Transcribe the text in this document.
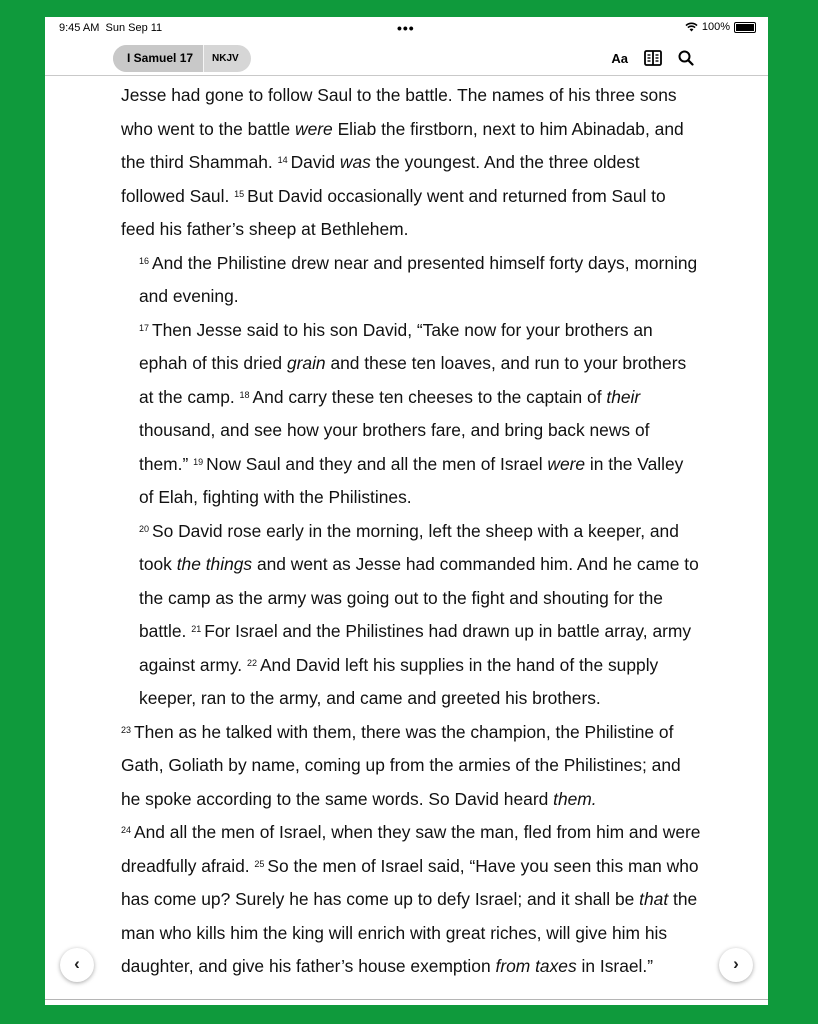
9:45 AM Sun Sep 11	•••	100%
I Samuel 17	NKJV	Aa

Jesse had gone to follow Saul to the battle. The names of his three sons who went to the battle were Eliab the firstborn, next to him Abinadab, and the third Shammah. $^{14}$ David was the youngest. And the three oldest followed Saul. $^{15}$ But David occasionally went and returned from Saul to feed his father’s sheep at Bethlehem.

$^{16}$ And the Philistine drew near and presented himself forty days, morning and evening.

$^{17}$ Then Jesse said to his son David, “Take now for your brothers an ephah of this dried grain and these ten loaves, and run to your brothers at the camp. $^{18}$ And carry these ten cheeses to the captain of their thousand, and see how your brothers fare, and bring back news of them.” $^{19}$ Now Saul and they and all the men of Israel were in the Valley of Elah, fighting with the Philistines.

$^{20}$ So David rose early in the morning, left the sheep with a keeper, and took the things and went as Jesse had commanded him. And he came to the camp as the army was going out to the fight and shouting for the battle. $^{21}$ For Israel and the Philistines had drawn up in battle array, army against army. $^{22}$ And David left his supplies in the hand of the supply keeper, ran to the army, and came and greeted his brothers.

$^{23}$ Then as he talked with them, there was the champion, the Philistine of Gath, Goliath by name, coming up from the armies of the Philistines; and he spoke according to the same words. So David heard them.

$^{24}$ And all the men of Israel, when they saw the man, fled from him and were dreadfully afraid. $^{25}$ So the men of Israel said, “Have you seen this man who has come up? Surely he has come up to defy Israel; and it shall be that the man who kills him the king will enrich with great riches, will give him his daughter, and give his father’s house exemption from taxes in Israel.”

‹	›
